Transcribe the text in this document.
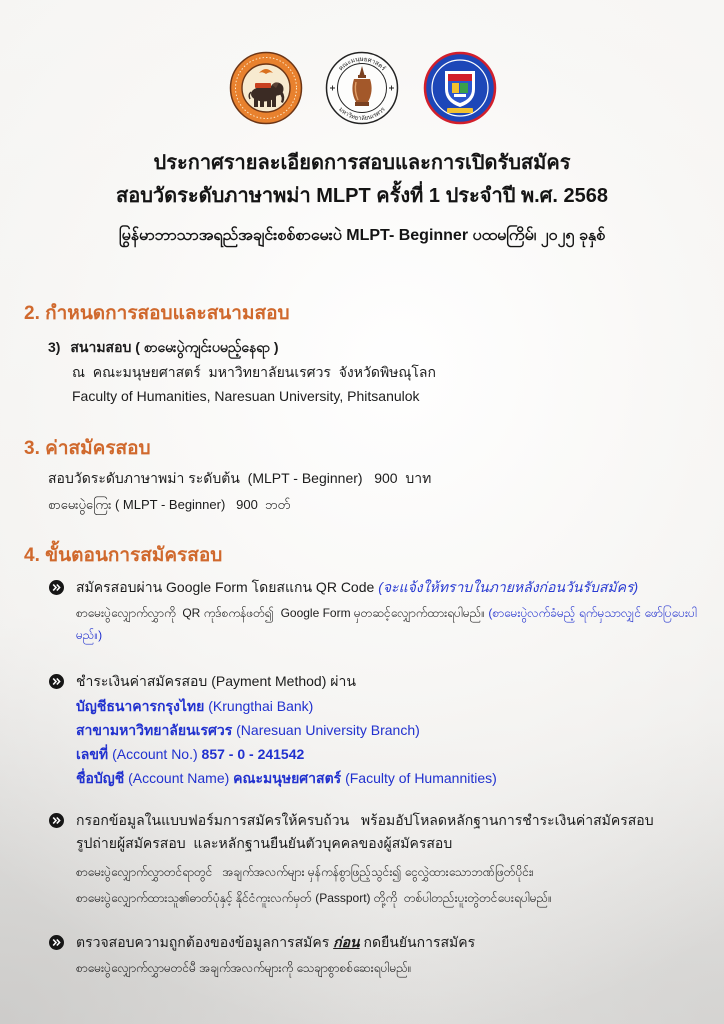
คณะมนุษยศาสตร์
มหาวิทยาลัยนเรศวร
ประกาศรายละเอียดการสอบและการเปิดรับสมัคร
สอบวัดระดับภาษาพม่า MLPT ครั้งที่ 1 ประจำปี พ.ศ. 2568
မြန်မာဘာသာအရည်အချင်းစစ်စာမေးပွဲ MLPT- Beginner ပထမကြိမ်၊ ၂၀၂၅ ခုနှစ်
2. กำหนดการสอบและสนามสอบ
3) สนามสอบ ( စာမေးပွဲကျင်းပမည့်နေရာ )
ณ  คณะมนุษยศาสตร์  มหาวิทยาลัยนเรศวร  จังหวัดพิษณุโลก
Faculty of Humanities, Naresuan University, Phitsanulok
3. ค่าสมัครสอบ
สอบวัดระดับภาษาพม่า ระดับต้น  (MLPT - Beginner)   900  บาท
စာမေးပွဲကြေး ( MLPT - Beginner)   900  ဘတ်
4. ขั้นตอนการสมัครสอบ
สมัครสอบผ่าน Google Form โดยสแกน QR Code (จะแจ้งให้ทราบในภายหลังก่อนวันรับสมัคร)
စာမေးပွဲလျှောက်လွှာကို  QR ကုဒ်စကန်ဖတ်၍  Google Form မှတဆင့်လျှောက်ထားရပါမည်။ (စာမေးပွဲလက်ခံမည့် ရက်မှသာလျှင် ဖော်ပြပေးပါမည်။)
ชำระเงินค่าสมัครสอบ (Payment Method) ผ่าน
บัญชีธนาคารกรุงไทย (Krungthai Bank)
สาขามหาวิทยาลัยนเรศวร (Naresuan University Branch)
เลขที่ (Account No.) 857 - 0 - 241542
ชื่อบัญชี (Account Name) คณะมนุษยศาสตร์ (Faculty of Humannities)
กรอกข้อมูลในแบบฟอร์มการสมัครให้ครบถ้วน   พร้อมอัปโหลดหลักฐานการชำระเงินค่าสมัครสอบ
รูปถ่ายผู้สมัครสอบ  และหลักฐานยืนยันตัวบุคคลของผู้สมัครสอบ
စာမေးပွဲလျှောက်လွှာတင်ရာတွင်   အချက်အလက်များ မှန်ကန်စွာဖြည့်သွင်း၍ ငွေလွှဲထားသောဘဏ်ဖြတ်ပိုင်း၊
စာမေးပွဲလျှောက်ထားသူ၏ဓာတ်ပုံနှင့် နိုင်ငံကူးလက်မှတ် (Passport) တို့ကို  တစ်ပါတည်းပူးတွဲတင်ပေးရပါမည်။
ตรวจสอบความถูกต้องของข้อมูลการสมัคร ก่อน กดยืนยันการสมัคร
စာမေးပွဲလျှောက်လွှာမတင်မီ အချက်အလက်များကို သေချာစွာစစ်ဆေးရပါမည်။
